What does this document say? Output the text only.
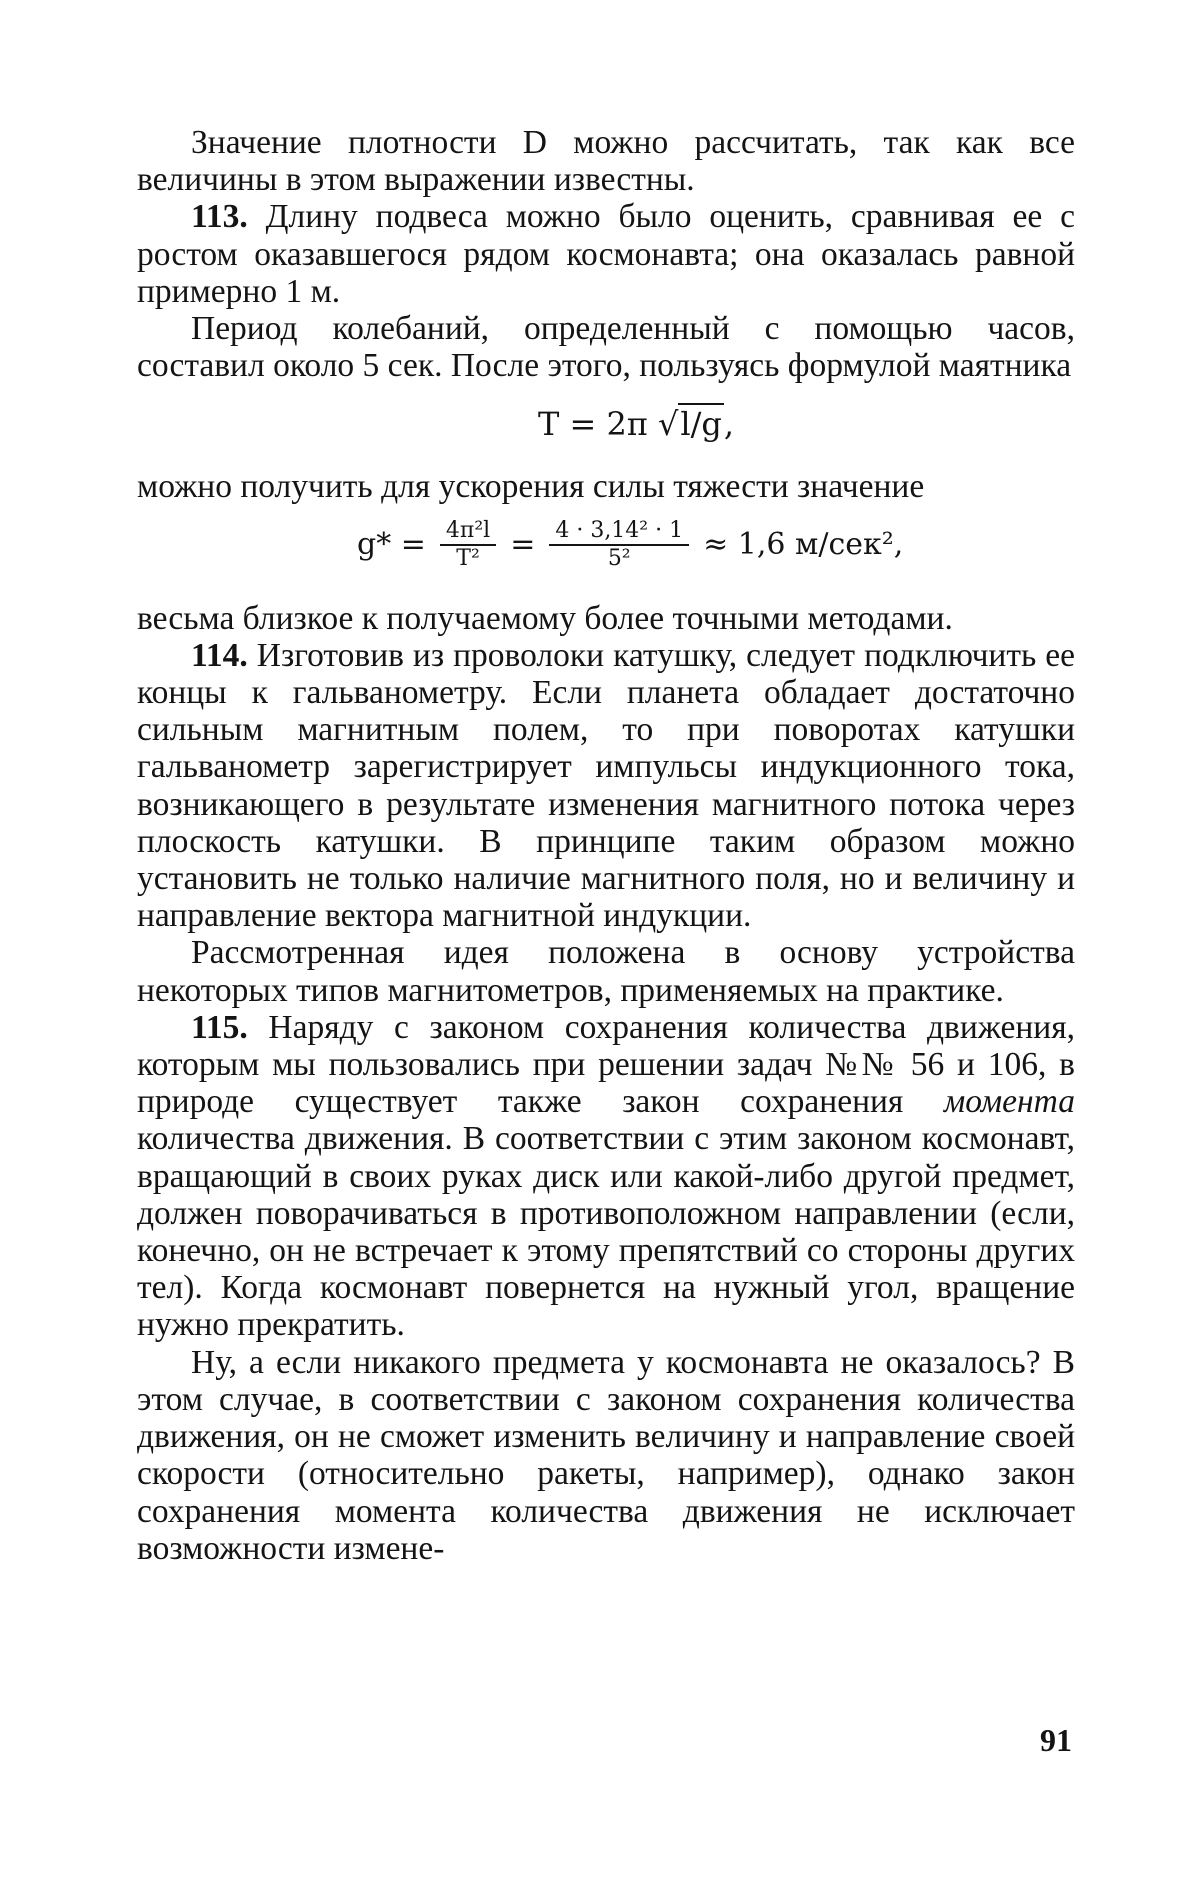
Значение плотности D можно рассчитать, так как все величины в этом выражении известны.

113. Длину подвеса можно было оценить, сравнивая ее с ростом оказавшегося рядом космонавта; она оказалась равной примерно 1 м.

Период колебаний, определенный с помощью часов, составил около 5 сек. После этого, пользуясь формулой маятника

T = 2π √l/g,

можно получить для ускорения силы тяжести значение

$g* = \frac{\text{4π²l}}{\text{T²}} = \frac{\text{4 · 3,14² · 1}}{\text{5²}} \approx 1,6$ м/сек²,

весьма близкое к получаемому более точными методами.

114. Изготовив из проволоки катушку, следует подключить ее концы к гальванометру. Если планета обладает достаточно сильным магнитным полем, то при поворотах катушки гальванометр зарегистрирует импульсы индукционного тока, возникающего в результате изменения магнитного потока через плоскость катушки. В принципе таким образом можно установить не только наличие магнитного поля, но и величину и направление вектора магнитной индукции.

Рассмотренная идея положена в основу устройства некоторых типов магнитометров, применяемых на практике.

115. Наряду с законом сохранения количества движения, которым мы пользовались при решении задач №№ 56 и 106, в природе существует также закон сохранения момента количества движения. В соответствии с этим законом космонавт, вращающий в своих руках диск или какой-либо другой предмет, должен поворачиваться в противоположном направлении (если, конечно, он не встречает к этому препятствий со стороны других тел). Когда космонавт повернется на нужный угол, вращение нужно прекратить.

Ну, а если никакого предмета у космонавта не оказалось? В этом случае, в соответствии с законом сохранения количества движения, он не сможет изменить величину и направление своей скорости (относительно ракеты, например), однако закон сохранения момента количества движения не исключает возможности измене-

91
